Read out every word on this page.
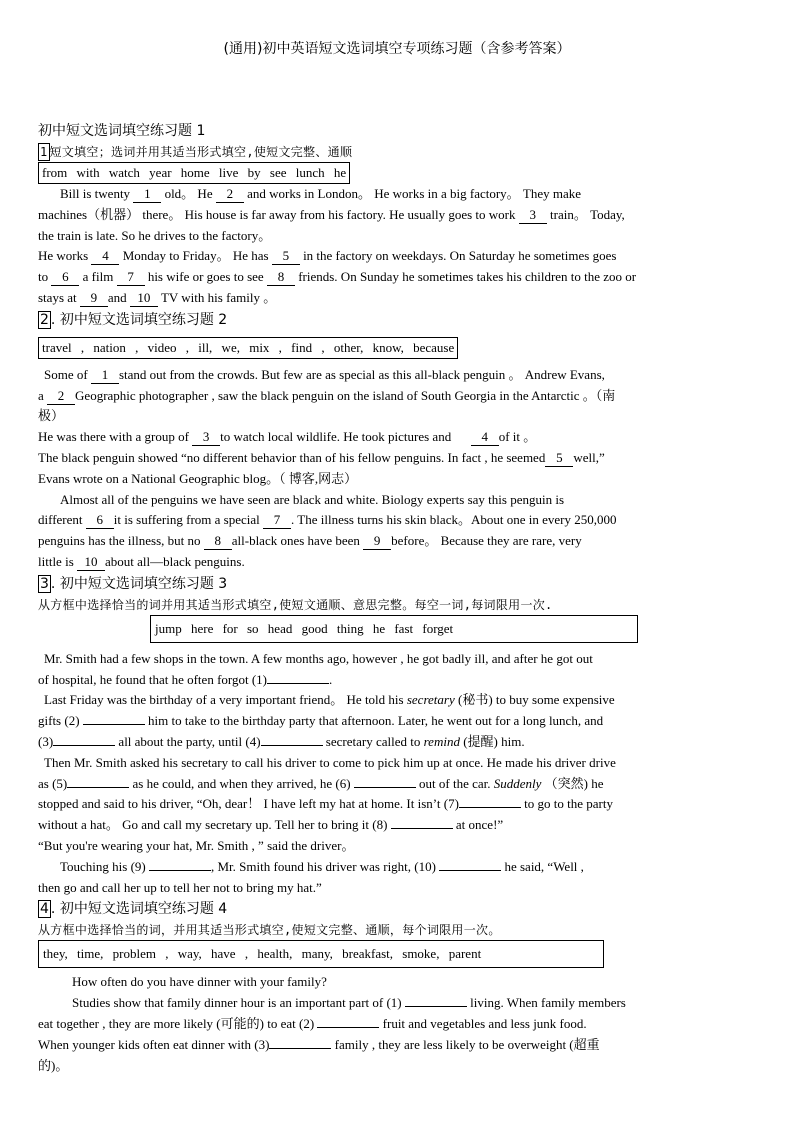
(通用)初中英语短文选词填空专项练习题（含参考答案）
初中短文选词填空练习题 1
1 短文填空；选词并用其适当形式填空,使短文完整、通顺
from with watch year home live by see lunch he
Bill is twenty 1 old。 He 2 and works in London。 He works in a big factory。 They make
machines（机器） there。 His house is far away from his factory. He usually goes to work 3 train。 Today,
the train is late. So he drives to the factory。
He works 4 Monday to Friday。 He has 5 in the factory on weekdays. On Saturday he sometimes goes
to 6 a film 7 his wife or goes to see 8 friends. On Sunday he sometimes takes his children to the zoo or
stays at 9 and 10 TV with his family 。
2 . 初中短文选词填空练习题 2
travel , nation , video , ill, we, mix , find , other, know, because
Some of 1 stand out from the crowds. But few are as special as this all-black penguin 。 Andrew Evans,
a 2 Geographic photographer , saw the black penguin on the island of South Georgia in the Antarctic 。（南
极）
He was there with a group of 3 to watch local wildlife. He took pictures and 4 of it 。
The black penguin showed “no different behavior than of his fellow penguins. In fact , he seemed 5 well,”
Evans wrote on a National Geographic blog。（ 博客,网志）
Almost all of the penguins we have seen are black and white. Biology experts say this penguin is
different 6 it is suffering from a special 7 . The illness turns his skin black。About one in every 250,000
penguins has the illness, but no 8 all-black ones have been 9 before。 Because they are rare, very
little is 10 about all—black penguins.
3 . 初中短文选词填空练习题 3
从方框中选择恰当的词并用其适当形式填空,使短文通顺、意思完整。每空一词,每词限用一次.
jump here for so head good thing he fast forget
Mr. Smith had a few shops in the town. A few months ago, however , he got badly ill, and after he got out
of hospital, he found that he often forgot (1)	.
Last Friday was the birthday of a very important friend。 He told his secretary (秘书) to buy some expensive
gifts (2)	him to take to the birthday party that afternoon. Later, he went out for a long lunch, and
(3)	all about the party, until (4)	secretary called to remind (提醒) him.
Then Mr. Smith asked his secretary to call his driver to come to pick him up at once. He made his driver drive
as (5)	as he could, and when they arrived, he (6)	out of the car. Suddenly （突然) he
stopped and said to his driver, “Oh, dear！ I have left my hat at home. It isn’t (7)	to go to the party
without a hat。 Go and call my secretary up. Tell her to bring it (8)	at once!”
“But you're wearing your hat, Mr. Smith , ” said the driver。
Touching his (9)	, Mr. Smith found his driver was right, (10)	he said, “Well ,
then go and call her up to tell her not to bring my hat.”
4 . 初中短文选词填空练习题 4
从方框中选择恰当的词，并用其适当形式填空,使短文完整、通顺，每个词限用一次。
they, time, problem , way, have , health, many, breakfast, smoke, parent
How often do you have dinner with your family?
Studies show that family dinner hour is an important part of (1)	living. When family members
eat together , they are more likely (可能的) to eat (2)	fruit and vegetables and less junk food.
When younger kids often eat dinner with (3)	family , they are less likely to be overweight (超重
的)。
